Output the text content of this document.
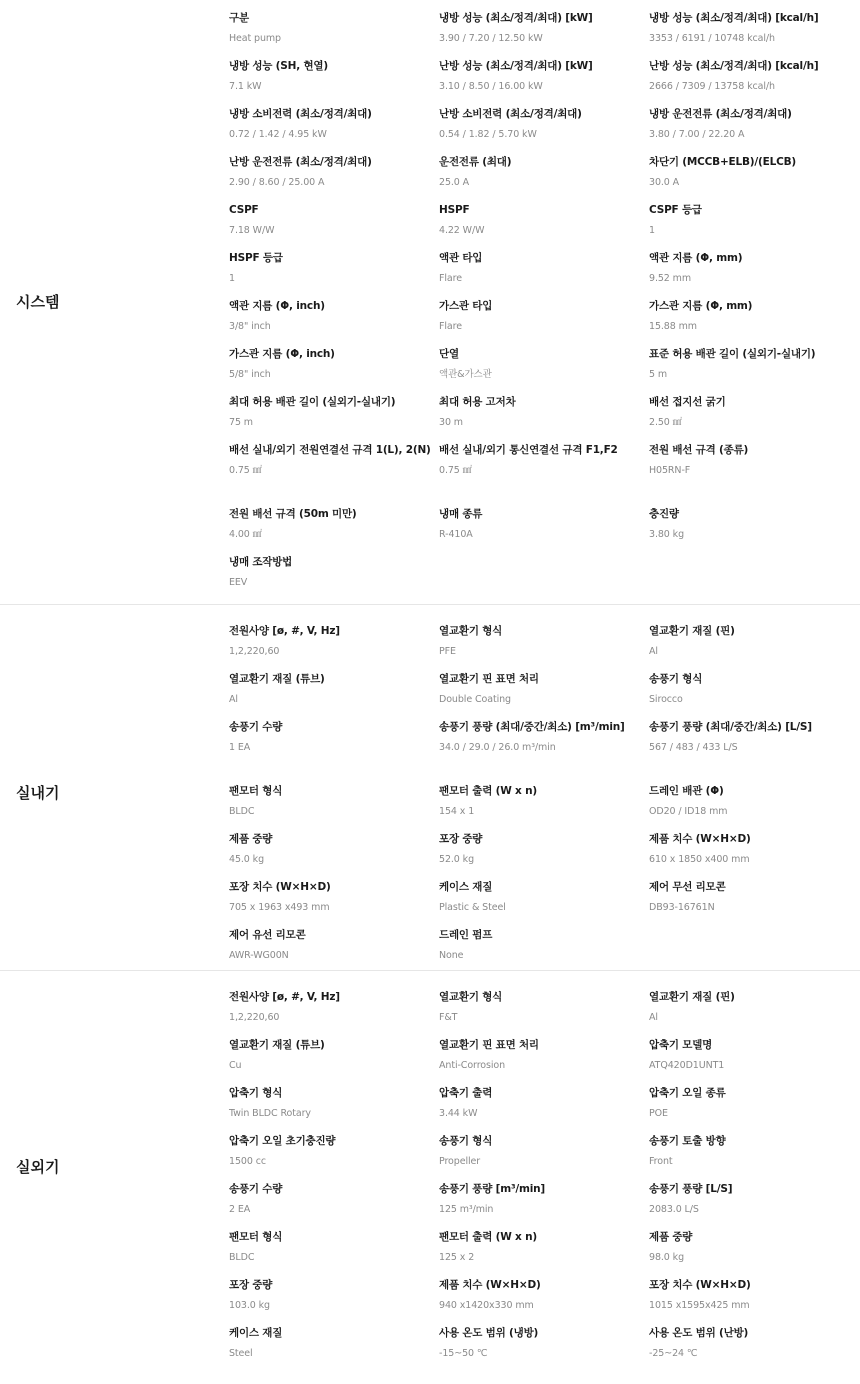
시스템
구분
Heat pump
냉방 성능 (최소/정격/최대) [kW]
3.90 / 7.20 / 12.50 kW
냉방 성능 (최소/정격/최대) [kcal/h]
3353 / 6191 / 10748 kcal/h
냉방 성능 (SH, 현열)
7.1 kW
난방 성능 (최소/정격/최대) [kW]
3.10 / 8.50 / 16.00 kW
난방 성능 (최소/정격/최대) [kcal/h]
2666 / 7309 / 13758 kcal/h
냉방 소비전력 (최소/정격/최대)
0.72 / 1.42 / 4.95 kW
난방 소비전력 (최소/정격/최대)
0.54 / 1.82 / 5.70 kW
냉방 운전전류 (최소/정격/최대)
3.80 / 7.00 / 22.20 A
난방 운전전류 (최소/정격/최대)
2.90 / 8.60 / 25.00 A
운전전류 (최대)
25.0 A
차단기 (MCCB+ELB)/(ELCB)
30.0 A
CSPF
7.18 W/W
HSPF
4.22 W/W
CSPF 등급
1
HSPF 등급
1
액관 타입
Flare
액관 지름 (Φ, mm)
9.52 mm
액관 지름 (Φ, inch)
3/8" inch
가스관 타입
Flare
가스관 지름 (Φ, mm)
15.88 mm
가스관 지름 (Φ, inch)
5/8" inch
단열
액관&가스관
표준 허용 배관 길이 (실외기-실내기)
5 m
최대 허용 배관 길이 (실외기-실내기)
75 m
최대 허용 고저차
30 m
배선 접지선 굵기
2.50 ㎟
배선 실내/외기 전원연결선 규격 1(L), 2(N)
0.75 ㎟
배선 실내/외기 통신연결선 규격 F1,F2
0.75 ㎟
전원 배선 규격 (종류)
H05RN-F
전원 배선 규격 (50m 미만)
4.00 ㎟
냉매 종류
R-410A
충진량
3.80 kg
냉매 조작방법
EEV
실내기
전원사양 [ø, #, V, Hz]
1,2,220,60
열교환기 형식
PFE
열교환기 재질 (핀)
Al
열교환기 재질 (튜브)
Al
열교환기 핀 표면 처리
Double Coating
송풍기 형식
Sirocco
송풍기 수량
1 EA
송풍기 풍량 (최대/중간/최소) [m³/min]
34.0 / 29.0 / 26.0 m³/min
송풍기 풍량 (최대/중간/최소) [L/S]
567 / 483 / 433 L/S
팬모터 형식
BLDC
팬모터 출력 (W x n)
154 x 1
드레인 배관 (Φ)
OD20 / ID18 mm
제품 중량
45.0 kg
포장 중량
52.0 kg
제품 치수 (W×H×D)
610 x 1850 x400 mm
포장 치수 (W×H×D)
705 x 1963 x493 mm
케이스 재질
Plastic & Steel
제어 무선 리모콘
DB93-16761N
제어 유선 리모콘
AWR-WG00N
드레인 펌프
None
실외기
전원사양 [ø, #, V, Hz]
1,2,220,60
열교환기 형식
F&T
열교환기 재질 (핀)
Al
열교환기 재질 (튜브)
Cu
열교환기 핀 표면 처리
Anti-Corrosion
압축기 모델명
ATQ420D1UNT1
압축기 형식
Twin BLDC Rotary
압축기 출력
3.44 kW
압축기 오일 종류
POE
압축기 오일 초기충진량
1500 cc
송풍기 형식
Propeller
송풍기 토출 방향
Front
송풍기 수량
2 EA
송풍기 풍량 [m³/min]
125 m³/min
송풍기 풍량 [L/S]
2083.0 L/S
팬모터 형식
BLDC
팬모터 출력 (W x n)
125 x 2
제품 중량
98.0 kg
포장 중량
103.0 kg
제품 치수 (W×H×D)
940 x1420x330 mm
포장 치수 (W×H×D)
1015 x1595x425 mm
케이스 재질
Steel
사용 온도 범위 (냉방)
-15~50 ℃
사용 온도 범위 (난방)
-25~24 ℃
